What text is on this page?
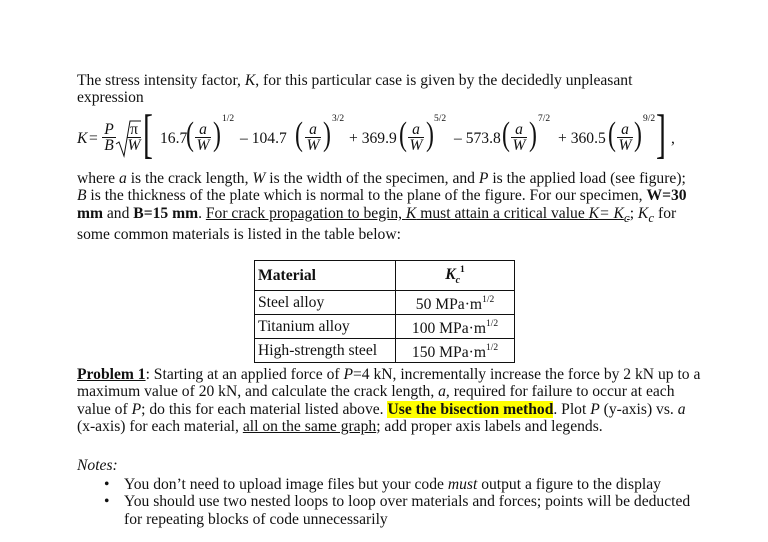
The stress intensity factor, K, for this particular case is given by the decidedly unpleasant expression
$K = \frac{P}{B} \frac{\pi}{W}$ [ 16.7
( $\frac{a}{W}$ ) 1/2
– 104.7 ( $\frac{a}{W}$ ) 3/2
+ 369.9 ( $\frac{a}{W}$ ) 5/2
– 573.8 ( $\frac{a}{W}$ ) 7/2
+ 360.5 ( $\frac{a}{W}$ ) 9/2 ] ,
where a is the crack length, W is the width of the specimen, and P is the applied load (see figure); B is the thickness of the plate which is normal to the plane of the figure. For our specimen, W=30 mm and B=15 mm. For crack propagation to begin, K must attain a critical value $K= K_c$; $K_c$ for some common materials is listed in the table below:
Material	$K_c^1$
Steel alloy	50 $MPa\cdot m^{1/2}$
Titanium alloy	100 $MPa\cdot m^{1/2}$
High-strength steel	150 $MPa\cdot m^{1/2}$
Problem 1: Starting at an applied force of P=4 kN, incrementally increase the force by 2 kN up to a maximum value of 20 kN, and calculate the crack length, a, required for failure to occur at each value of P; do this for each material listed above. Use the bisection method. Plot P (y-axis) vs. a (x-axis) for each material, all on the same graph; add proper axis labels and legends.
Notes:
• You don’t need to upload image files but your code must output a figure to the display
• You should use two nested loops to loop over materials and forces; points will be deducted for repeating blocks of code unnecessarily
